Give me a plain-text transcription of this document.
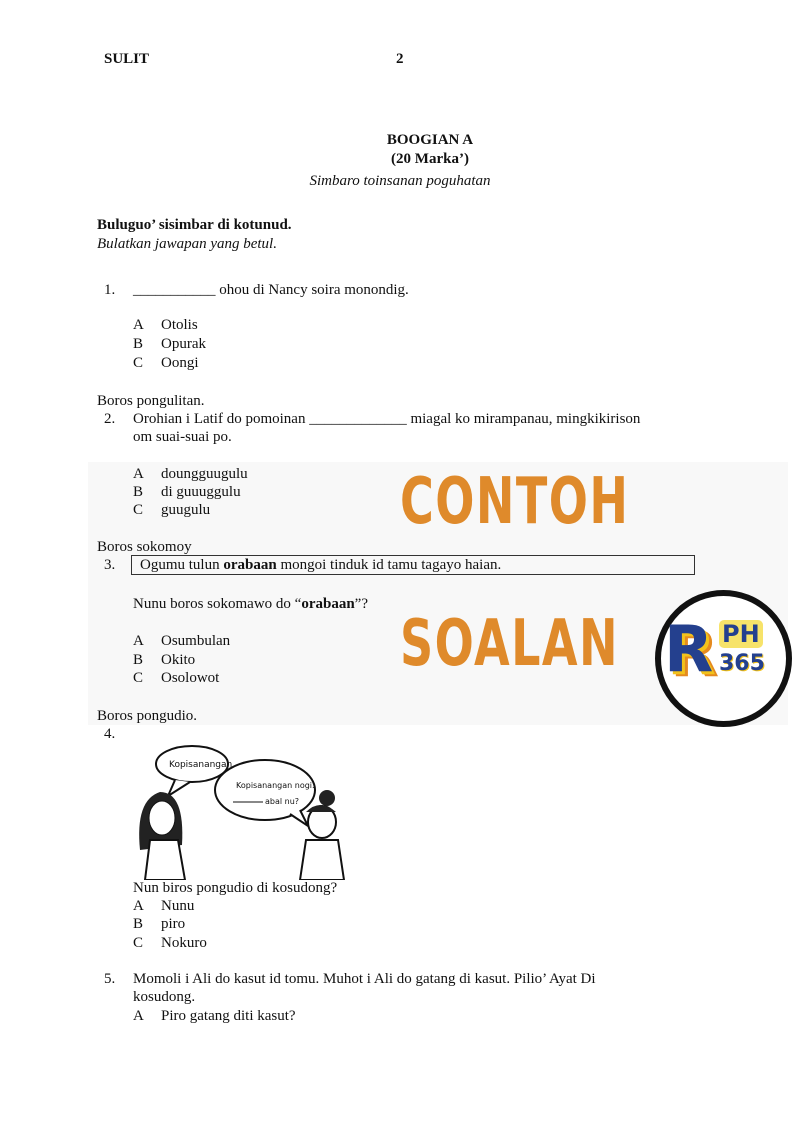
R PH
365
CONTOH
SOALAN
SULIT	2
BOOGIAN A
(20 Marka’)
Simbaro toinsanan poguhatan
Buluguo’ sisimbar di kotunud.
Bulatkan jawapan yang betul.
1. ___________ ohou di Nancy soira monondig.
A Otolis
B Opurak
C Oongi
Boros pongulitan.
2. Orohian i Latif do pomoinan _____________ miagal ko mirampanau, mingkikirison
om suai-suai po.
A doungguugulu
B di guuuggulu
C guugulu
Boros sokomoy
3. Ogumu tulun orabaan mongoi tinduk id tamu tagayo haian.
Nunu boros sokomawo do “orabaan”?
A Osumbulan
B Okito
C Osolowot
Boros pongudio.
4.
Kopisanangan.
Kopisanangan nogi.
abal nu?
Nun biros pongudio di kosudong?
A Nunu
B piro
C Nokuro
5. Momoli i Ali do kasut id tomu. Muhot i Ali do gatang di kasut. Pilio’ Ayat Di
kosudong.
A Piro gatang diti kasut?
